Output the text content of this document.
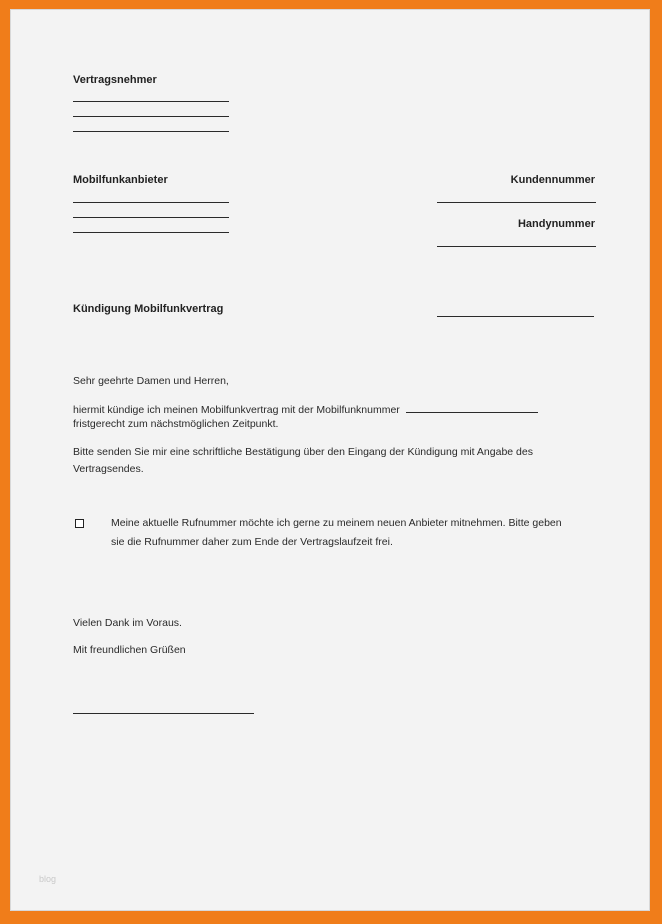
Vertragsnehmer
Mobilfunkanbieter	Kundennummer
Handynummer
Kündigung Mobilfunkvertrag
Sehr geehrte Damen und Herren,
hiermit kündige ich meinen Mobilfunkvertrag mit der Mobilfunknummer
fristgerecht zum nächstmöglichen Zeitpunkt.
Bitte senden Sie mir eine schriftliche Bestätigung über den Eingang der Kündigung mit Angabe des
Vertragsendes.
Meine aktuelle Rufnummer möchte ich gerne zu meinem neuen Anbieter mitnehmen. Bitte geben
sie die Rufnummer daher zum Ende der Vertragslaufzeit frei.
Vielen Dank im Voraus.
Mit freundlichen Grüßen
blog
